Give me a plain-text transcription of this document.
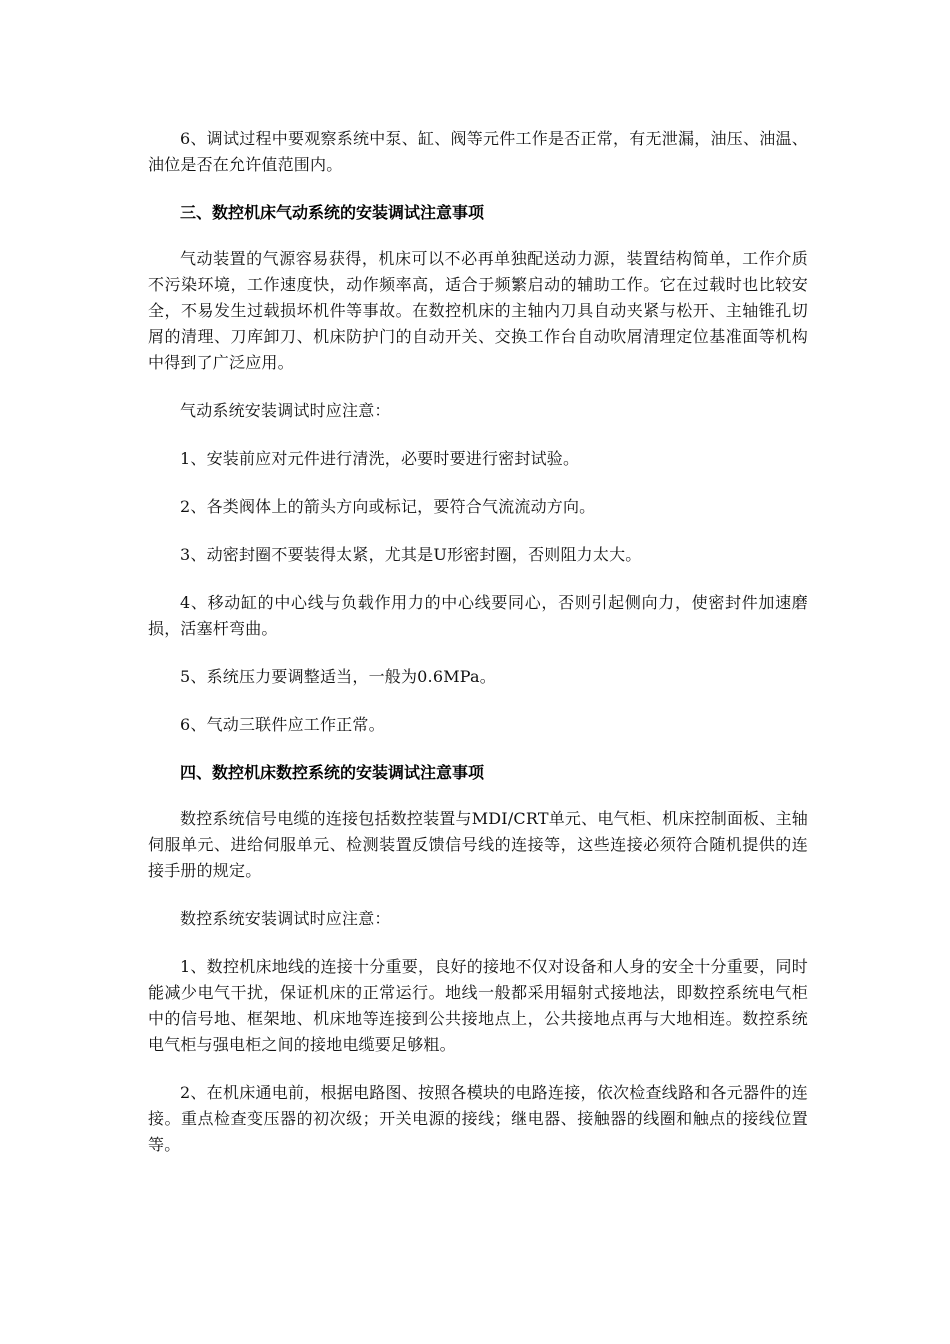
6、调试过程中要观察系统中泵、缸、阀等元件工作是否正常，有无泄漏，油压、油温、油位是否在允许值范围内。

三、数控机床气动系统的安装调试注意事项

气动装置的气源容易获得，机床可以不必再单独配送动力源，装置结构简单，工作介质不污染环境，工作速度快，动作频率高，适合于频繁启动的辅助工作。它在过载时也比较安全，不易发生过载损坏机件等事故。在数控机床的主轴内刀具自动夹紧与松开、主轴锥孔切屑的清理、刀库卸刀、机床防护门的自动开关、交换工作台自动吹屑清理定位基准面等机构中得到了广泛应用。

气动系统安装调试时应注意：

1、安装前应对元件进行清洗，必要时要进行密封试验。

2、各类阀体上的箭头方向或标记，要符合气流流动方向。

3、动密封圈不要装得太紧，尤其是U形密封圈，否则阻力太大。

4、移动缸的中心线与负载作用力的中心线要同心，否则引起侧向力，使密封件加速磨损，活塞杆弯曲。

5、系统压力要调整适当，一般为0.6MPa。

6、气动三联件应工作正常。

四、数控机床数控系统的安装调试注意事项

数控系统信号电缆的连接包括数控装置与MDI/CRT单元、电气柜、机床控制面板、主轴伺服单元、进给伺服单元、检测装置反馈信号线的连接等，这些连接必须符合随机提供的连接手册的规定。

数控系统安装调试时应注意：

1、数控机床地线的连接十分重要，良好的接地不仅对设备和人身的安全十分重要，同时能减少电气干扰，保证机床的正常运行。地线一般都采用辐射式接地法，即数控系统电气柜中的信号地、框架地、机床地等连接到公共接地点上，公共接地点再与大地相连。数控系统电气柜与强电柜之间的接地电缆要足够粗。

2、在机床通电前，根据电路图、按照各模块的电路连接，依次检查线路和各元器件的连接。重点检查变压器的初次级；开关电源的接线；继电器、接触器的线圈和触点的接线位置等。
